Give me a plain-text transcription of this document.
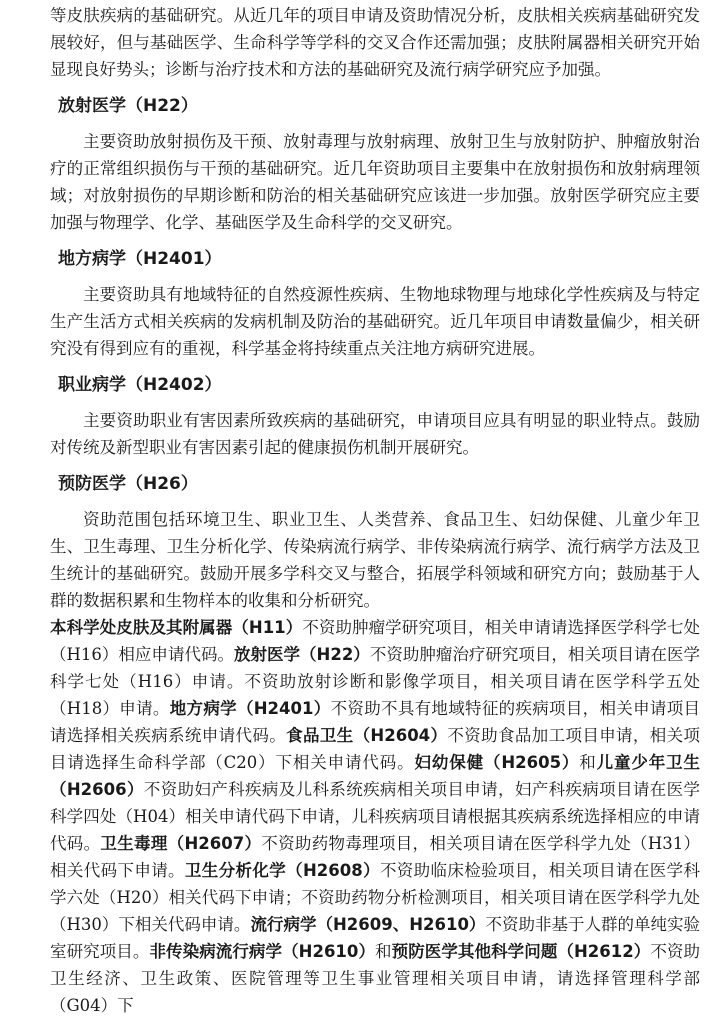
等皮肤疾病的基础研究。从近几年的项目申请及资助情况分析，皮肤相关疾病基础研究发展较好，但与基础医学、生命科学等学科的交叉合作还需加强；皮肤附属器相关研究开始显现良好势头；诊断与治疗技术和方法的基础研究及流行病学研究应予加强。

放射医学（H22）

主要资助放射损伤及干预、放射毒理与放射病理、放射卫生与放射防护、肿瘤放射治疗的正常组织损伤与干预的基础研究。近几年资助项目主要集中在放射损伤和放射病理领域；对放射损伤的早期诊断和防治的相关基础研究应该进一步加强。放射医学研究应主要加强与物理学、化学、基础医学及生命科学的交叉研究。

地方病学（H2401）

主要资助具有地域特征的自然疫源性疾病、生物地球物理与地球化学性疾病及与特定生产生活方式相关疾病的发病机制及防治的基础研究。近几年项目申请数量偏少，相关研究没有得到应有的重视，科学基金将持续重点关注地方病研究进展。

职业病学（H2402）

主要资助职业有害因素所致疾病的基础研究，申请项目应具有明显的职业特点。鼓励对传统及新型职业有害因素引起的健康损伤机制开展研究。

预防医学（H26）

资助范围包括环境卫生、职业卫生、人类营养、食品卫生、妇幼保健、儿童少年卫生、卫生毒理、卫生分析化学、传染病流行病学、非传染病流行病学、流行病学方法及卫生统计的基础研究。鼓励开展多学科交叉与整合，拓展学科领域和研究方向；鼓励基于人群的数据积累和生物样本的收集和分析研究。

本科学处皮肤及其附属器（H11）不资助肿瘤学研究项目，相关申请请选择医学科学七处（H16）相应申请代码。放射医学（H22）不资助肿瘤治疗研究项目，相关项目请在医学科学七处（H16）申请。不资助放射诊断和影像学项目，相关项目请在医学科学五处（H18）申请。地方病学（H2401）不资助不具有地域特征的疾病项目，相关申请项目请选择相关疾病系统申请代码。食品卫生（H2604）不资助食品加工项目申请，相关项目请选择生命科学部（C20）下相关申请代码。妇幼保健（H2605）和儿童少年卫生（H2606）不资助妇产科疾病及儿科系统疾病相关项目申请，妇产科疾病项目请在医学科学四处（H04）相关申请代码下申请，儿科疾病项目请根据其疾病系统选择相应的申请代码。卫生毒理（H2607）不资助药物毒理项目，相关项目请在医学科学九处（H31）相关代码下申请。卫生分析化学（H2608）不资助临床检验项目，相关项目请在医学科学六处（H20）相关代码下申请；不资助药物分析检测项目，相关项目请在医学科学九处（H30）下相关代码申请。流行病学（H2609、H2610）不资助非基于人群的单纯实验室研究项目。非传染病流行病学（H2610）和预防医学其他科学问题（H2612）不资助卫生经济、卫生政策、医院管理等卫生事业管理相关项目申请，请选择管理科学部（G04）下
